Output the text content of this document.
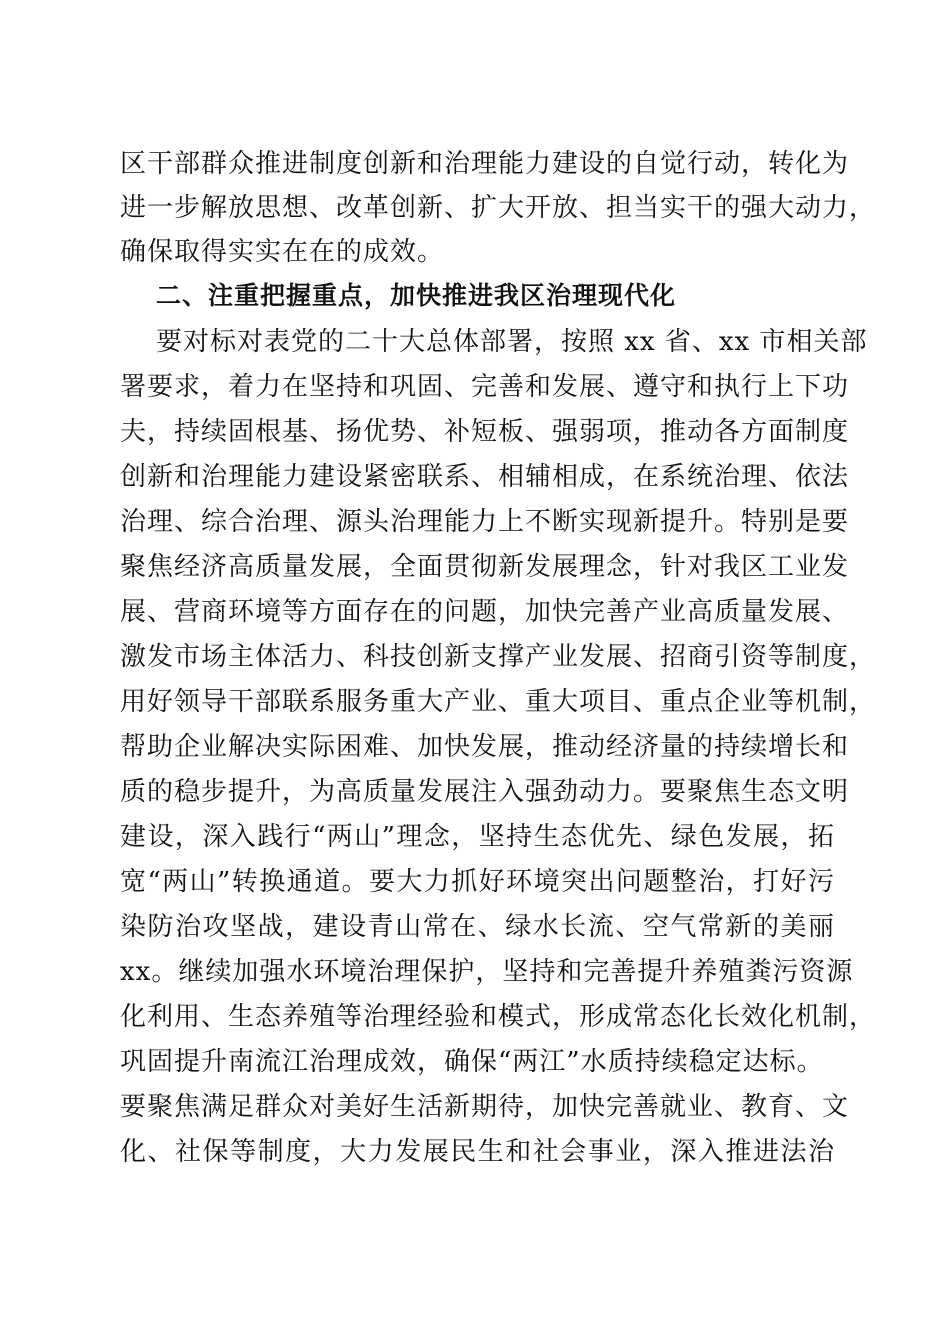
区干部群众推进制度创新和治理能力建设的自觉行动，转化为
进一步解放思想、改革创新、扩大开放、担当实干的强大动力，
确保取得实实在在的成效。
二、注重把握重点，加快推进我区治理现代化
要对标对表党的二十大总体部署，按照 xx 省、xx 市相关部
署要求，着力在坚持和巩固、完善和发展、遵守和执行上下功
夫，持续固根基、扬优势、补短板、强弱项，推动各方面制度
创新和治理能力建设紧密联系、相辅相成，在系统治理、依法
治理、综合治理、源头治理能力上不断实现新提升。特别是要
聚焦经济高质量发展，全面贯彻新发展理念，针对我区工业发
展、营商环境等方面存在的问题，加快完善产业高质量发展、
激发市场主体活力、科技创新支撑产业发展、招商引资等制度，
用好领导干部联系服务重大产业、重大项目、重点企业等机制，
帮助企业解决实际困难、加快发展，推动经济量的持续增长和
质的稳步提升，为高质量发展注入强劲动力。要聚焦生态文明
建设，深入践行“两山”理念，坚持生态优先、绿色发展，拓
宽“两山”转换通道。要大力抓好环境突出问题整治，打好污
染防治攻坚战，建设青山常在、绿水长流、空气常新的美丽
xx。继续加强水环境治理保护，坚持和完善提升养殖粪污资源
化利用、生态养殖等治理经验和模式，形成常态化长效化机制，
巩固提升南流江治理成效，确保“两江”水质持续稳定达标。
要聚焦满足群众对美好生活新期待，加快完善就业、教育、文
化、社保等制度，大力发展民生和社会事业，深入推进法治
